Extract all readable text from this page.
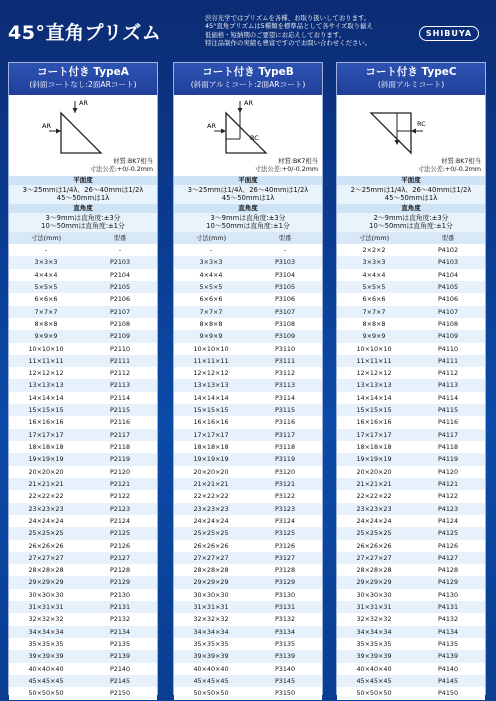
45°直角プリズム
渋谷光学ではプリズムを各種、お取り扱いしております。
45°直角プリズムは5種類を標準品として各サイズ取り揃え
低価格・短納期のご要望にお応えしております。
特注品制作の実績も豊富ですのでお問い合わせください。
SHIBUYA
コート付き TypeA
(斜面コートなし:2面ARコート)
AR
AR
材質:BK7相当
寸法公差:+0/-0.2mm
平面度
3～25mmは1/4λ、26～40mmは1/2λ
45～50mmは1λ
直角度
3～9mmは直角度:±3分
10～50mmは直角度:±1分
寸法(mm)	型番
-	-
3×3×3	P2103
4×4×4	P2104
5×5×5	P2105
6×6×6	P2106
7×7×7	P2107
8×8×8	P2108
9×9×9	P2109
10×10×10	P2110
11×11×11	P2111
12×12×12	P2112
13×13×13	P2113
14×14×14	P2114
15×15×15	P2115
16×16×16	P2116
17×17×17	P2117
18×18×18	P2118
19×19×19	P2119
20×20×20	P2120
21×21×21	P2121
22×22×22	P2122
23×23×23	P2123
24×24×24	P2124
25×25×25	P2125
26×26×26	P2126
27×27×27	P2127
28×28×28	P2128
29×29×29	P2129
30×30×30	P2130
31×31×31	P2131
32×32×32	P2132
34×34×34	P2134
35×35×35	P2135
39×39×39	P2139
40×40×40	P2140
45×45×45	P2145
50×50×50	P2150
コート付き TypeB
(斜面アルミコート:2面ARコート)
AR
AR
RC
材質:BK7相当
寸法公差:+0/-0.2mm
平面度
3～25mmは1/4λ、26～40mmは1/2λ
45～50mmは1λ
直角度
3～9mmは直角度:±3分
10～50mmは直角度:±1分
寸法(mm)	型番
-	-
3×3×3	P3103
4×4×4	P3104
5×5×5	P3105
6×6×6	P3106
7×7×7	P3107
8×8×8	P3108
9×9×9	P3109
10×10×10	P3110
11×11×11	P3111
12×12×12	P3112
13×13×13	P3113
14×14×14	P3114
15×15×15	P3115
16×16×16	P3116
17×17×17	P3117
18×18×18	P3118
19×19×19	P3119
20×20×20	P3120
21×21×21	P3121
22×22×22	P3122
23×23×23	P3123
24×24×24	P3124
25×25×25	P3125
26×26×26	P3126
27×27×27	P3127
28×28×28	P3128
29×29×29	P3129
30×30×30	P3130
31×31×31	P3131
32×32×32	P3132
34×34×34	P3134
35×35×35	P3135
39×39×39	P3139
40×40×40	P3140
45×45×45	P3145
50×50×50	P3150
コート付き TypeC
(斜面アルミコート)
RC
材質:BK7相当
寸法公差:+0/-0.2mm
平面度
2～25mmは1/4λ、26～40mmは1/2λ
45～50mmは1λ
直角度
2～9mmは直角度:±3分
10～50mmは直角度:±1分
寸法(mm)	型番
2×2×2	P4102
3×3×3	P4103
4×4×4	P4104
5×5×5	P4105
6×6×6	P4106
7×7×7	P4107
8×8×8	P4108
9×9×9	P4109
10×10×10	P4110
11×11×11	P4111
12×12×12	P4112
13×13×13	P4113
14×14×14	P4114
15×15×15	P4115
16×16×16	P4116
17×17×17	P4117
18×18×18	P4118
19×19×19	P4119
20×20×20	P4120
21×21×21	P4121
22×22×22	P4122
23×23×23	P4123
24×24×24	P4124
25×25×25	P4125
26×26×26	P4126
27×27×27	P4127
28×28×28	P4128
29×29×29	P4129
30×30×30	P4130
31×31×31	P4131
32×32×32	P4132
34×34×34	P4134
35×35×35	P4135
39×39×39	P4139
40×40×40	P4140
45×45×45	P4145
50×50×50	P4150
